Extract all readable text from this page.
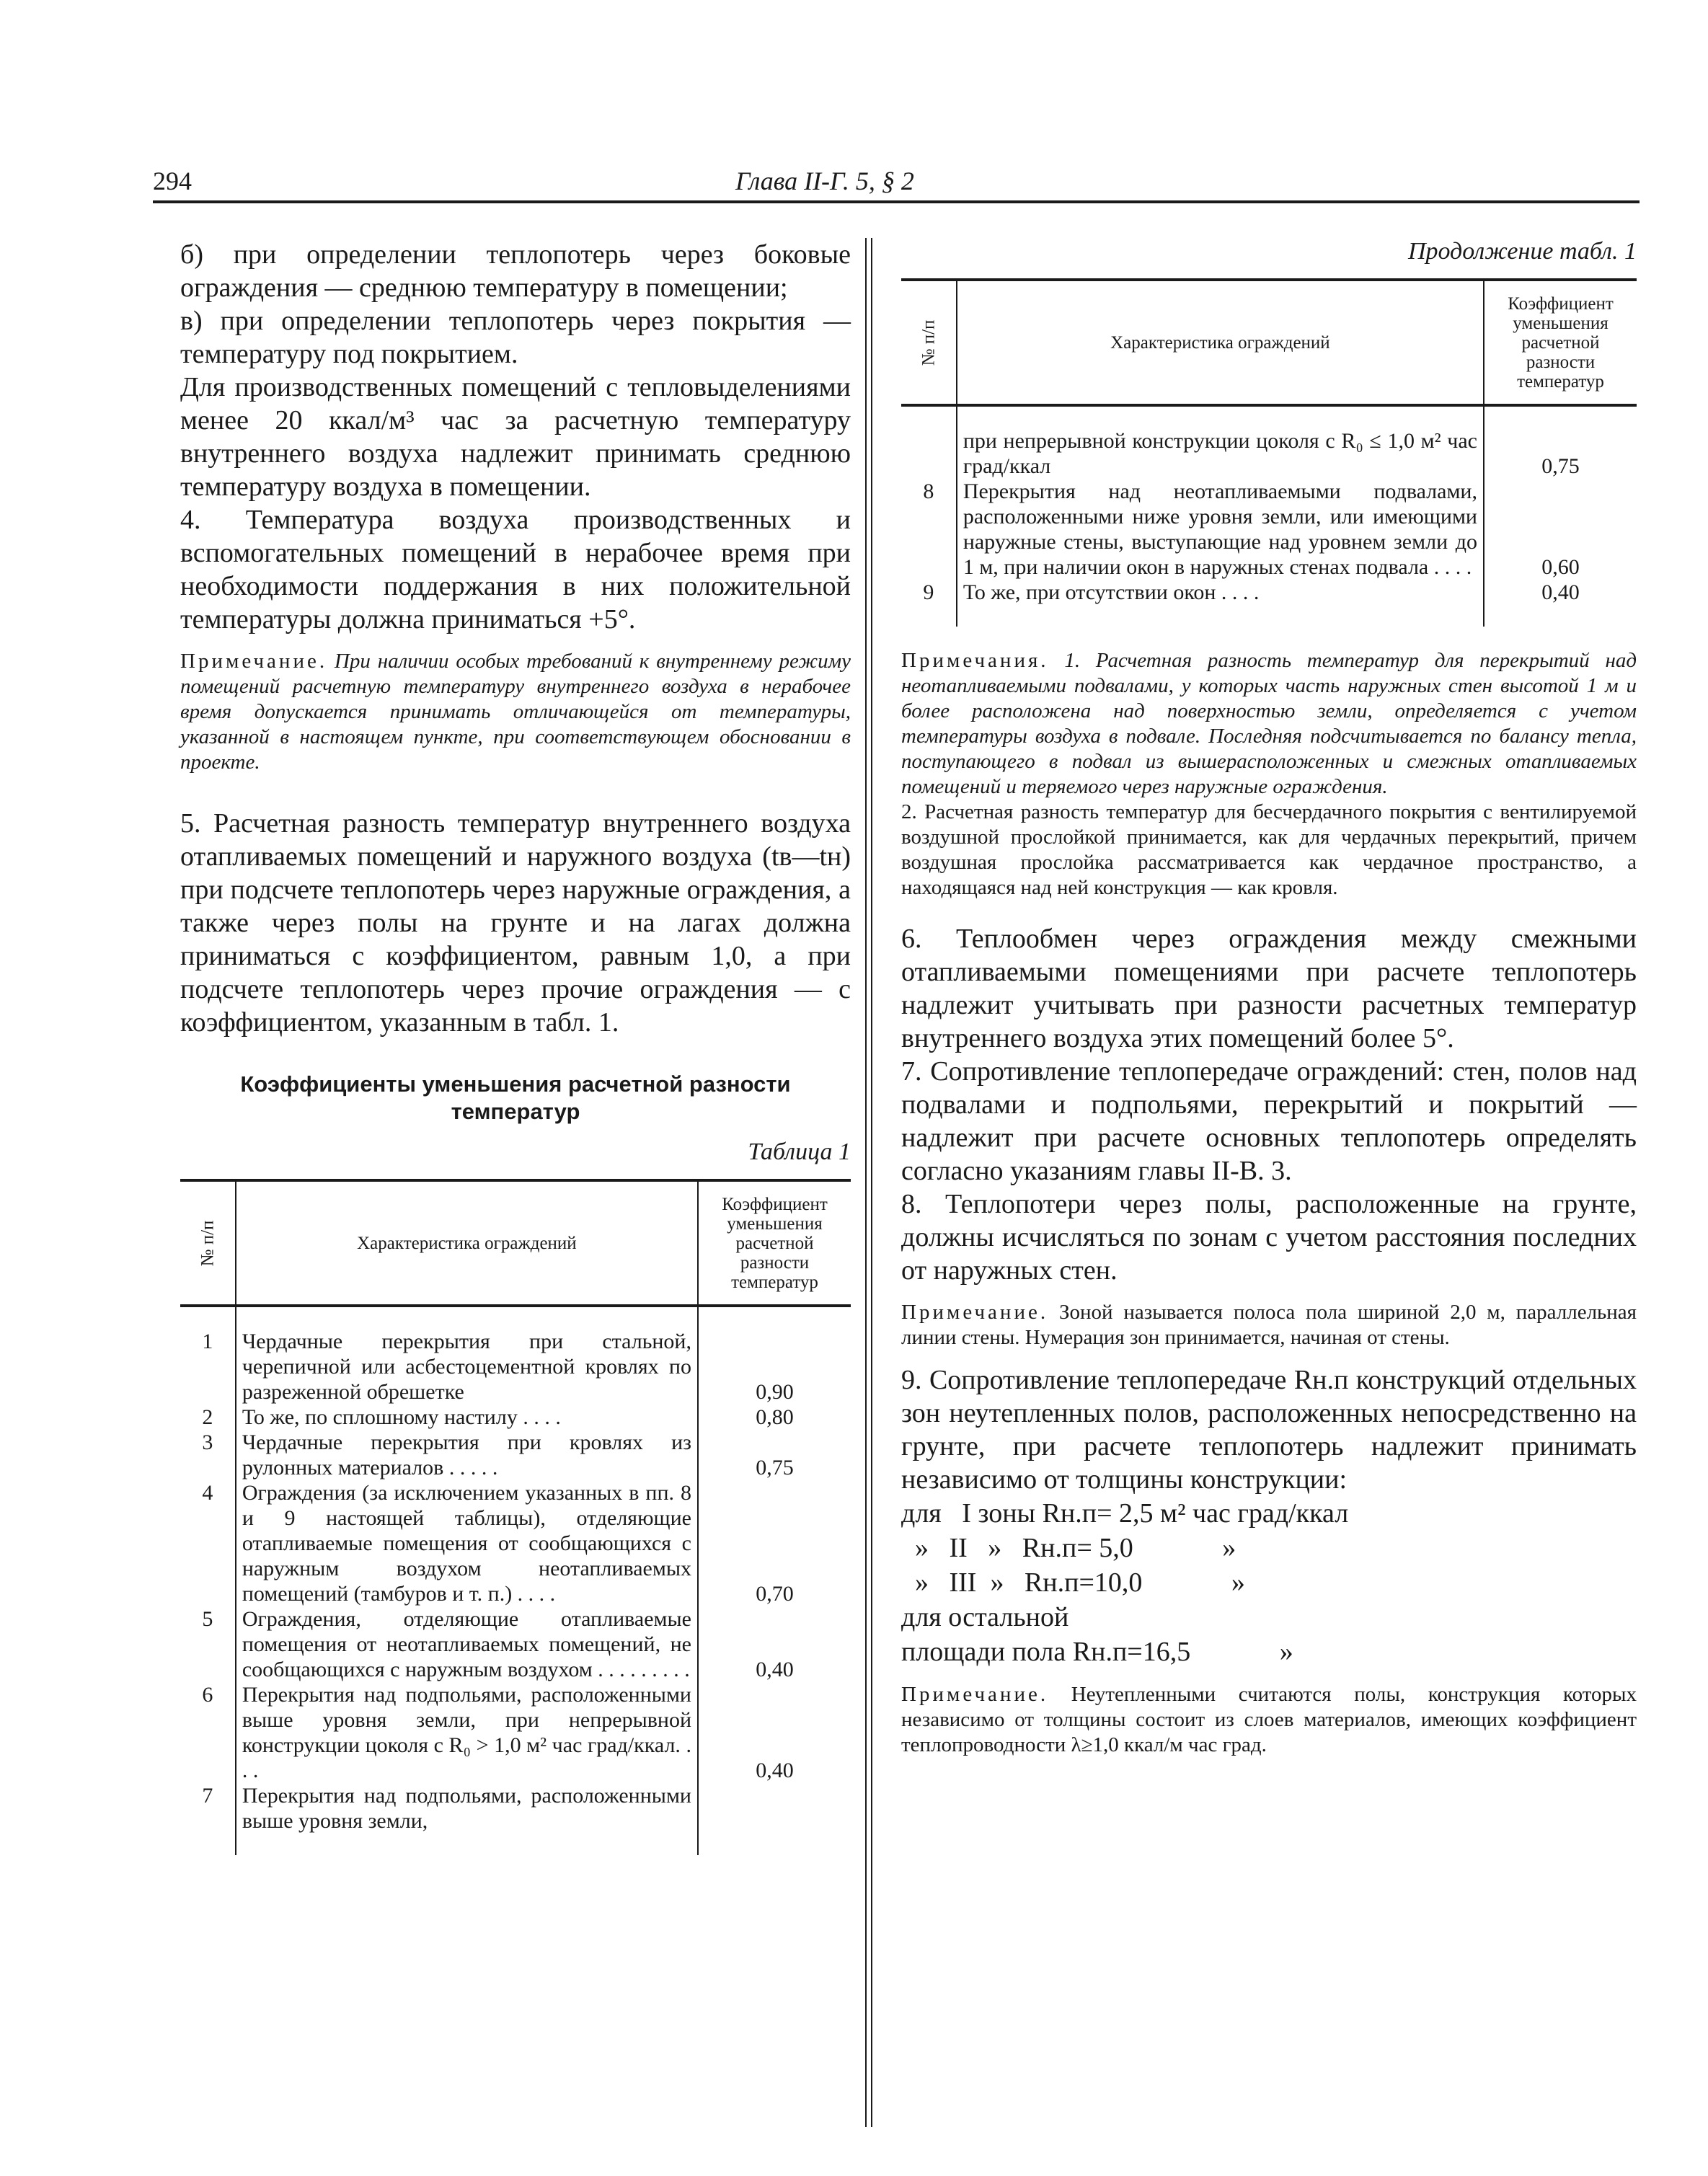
294	Глава II-Г. 5, § 2

б) при определении теплопотерь через боковые ограждения — среднюю температуру в помещении;

в) при определении теплопотерь через покрытия — температуру под покрытием.

Для производственных помещений с тепловыделениями менее 20 ккал/м³ час за расчетную температуру внутреннего воздуха надлежит принимать среднюю температуру воздуха в помещении.

4. Температура воздуха производственных и вспомогательных помещений в нерабочее время при необходимости поддержания в них положительной температуры должна приниматься +5°.

Примечание. При наличии особых требований к внутреннему режиму помещений расчетную температуру внутреннего воздуха в нерабочее время допускается принимать отличающейся от температуры, указанной в настоящем пункте, при соответствующем обосновании в проекте.

5. Расчетная разность температур внутреннего воздуха отапливаемых помещений и наружного воздуха (tв—tн) при подсчете теплопотерь через наружные ограждения, а также через полы на грунте и на лагах должна приниматься с коэффициентом, равным 1,0, а при подсчете теплопотерь через прочие ограждения — с коэффициентом, указанным в табл. 1.

Коэффициенты уменьшения расчетной разности температур
Таблица 1
№ п/п	Характеристика ограждений	Коэффициент уменьшения расчетной разности температур

1	Чердачные перекрытия при стальной, черепичной или асбестоцементной кровлях по разреженной обрешетке	0,90
2	То же, по сплошному настилу . . . .	0,80
3	Чердачные перекрытия при кровлях из рулонных материалов . . . . .	0,75
4	Ограждения (за исключением указанных в пп. 8 и 9 настоящей таблицы), отделяющие отапливаемые помещения от сообщающихся с наружным воздухом неотапливаемых помещений (тамбуров и т. п.) . . . .	0,70
5	Ограждения, отделяющие отапливаемые помещения от неотапливаемых помещений, не сообщающихся с наружным воздухом . . . . . . . . .	0,40
6	Перекрытия над подпольями, расположенными выше уровня земли, при непрерывной конструкции цоколя с R₀ > 1,0 м² час град/ккал. . . .	0,40
7	Перекрытия над подпольями, расположенными выше уровня земли,	

Продолжение табл. 1
№ п/п	Характеристика ограждений	Коэффициент уменьшения расчетной разности температур

	при непрерывной конструкции цоколя с R₀ ≤ 1,0 м² час град/ккал	0,75
8	Перекрытия над неотапливаемыми подвалами, расположенными ниже уровня земли, или имеющими наружные стены, выступающие над уровнем земли до 1 м, при наличии окон в наружных стенах подвала . . . .	0,60
9	То же, при отсутствии окон . . . .	0,40

Примечания. 1. Расчетная разность температур для перекрытий над неотапливаемыми подвалами, у которых часть наружных стен высотой 1 м и более расположена над поверхностью земли, определяется с учетом температуры воздуха в подвале. Последняя подсчитывается по балансу тепла, поступающего в подвал из вышерасположенных и смежных отапливаемых помещений и теряемого через наружные ограждения.

2. Расчетная разность температур для бесчердачного покрытия с вентилируемой воздушной прослойкой принимается, как для чердачных перекрытий, причем воздушная прослойка рассматривается как чердачное пространство, а находящаяся над ней конструкция — как кровля.

6. Теплообмен через ограждения между смежными отапливаемыми помещениями при расчете теплопотерь надлежит учитывать при разности расчетных температур внутреннего воздуха этих помещений более 5°.

7. Сопротивление теплопередаче ограждений: стен, полов над подвалами и подпольями, перекрытий и покрытий — надлежит при расчете основных теплопотерь определять согласно указаниям главы II-В. 3.

8. Теплопотери через полы, расположенные на грунте, должны исчисляться по зонам с учетом расстояния последних от наружных стен.

Примечание. Зоной называется полоса пола шириной 2,0 м, параллельная линии стены. Нумерация зон принимается, начиная от стены.

9. Сопротивление теплопередаче Rн.п конструкций отдельных зон неутепленных полов, расположенных непосредственно на грунте, при расчете теплопотерь надлежит принимать независимо от толщины конструкции:

для   I зоны Rн.п= 2,5 м² час град/ккал
»   II   »   Rн.п= 5,0             »
»   III  »   Rн.п=10,0             »
для остальной
площади пола Rн.п=16,5             »

Примечание. Неутепленными считаются полы, конструкция которых независимо от толщины состоит из слоев материалов, имеющих коэффициент теплопроводности λ≥1,0 ккал/м час град.
